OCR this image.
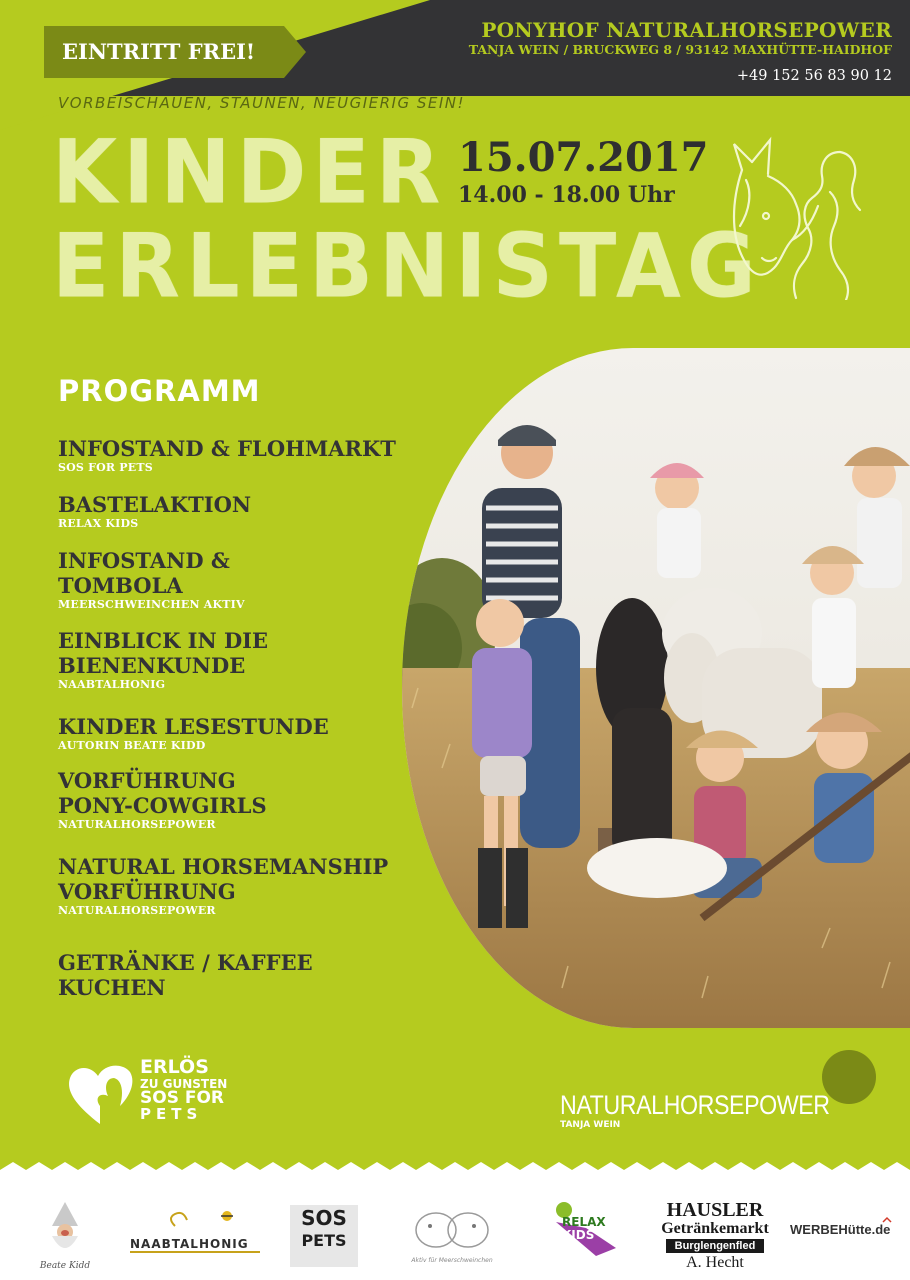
EINTRITT FREI!
PONYHOF NATURALHORSEPOWER
TANJA WEIN / BRUCKWEG 8 / 93142 MAXHÜTTE-HAIDHOF
+49 152 56 83 90 12
VORBEISCHAUEN, STAUNEN, NEUGIERIG SEIN!
KINDER
ERLEBNISTAG
15.07.2017
14.00 - 18.00 Uhr
PROGRAMM
INFOSTAND & FLOHMARKT
SOS FOR PETS
BASTELAKTION
RELAX KIDS
INFOSTAND &
TOMBOLA
MEERSCHWEINCHEN AKTIV
EINBLICK IN DIE
BIENENKUNDE
NAABTALHONIG
KINDER LESESTUNDE
AUTORIN BEATE KIDD
VORFÜHRUNG
PONY-COWGIRLS
NATURALHORSEPOWER
NATURAL HORSEMANSHIP
VORFÜHRUNG
NATURALHORSEPOWER
GETRÄNKE / KAFFEE
KUCHEN
ERLÖS
ZU GUNSTEN
SOS FOR
PETS	NATURALHORSEPOWER
TANJA WEIN
Beate Kidd
NAABTALHONIG
SOS
PETS
Aktiv für Meerschweinchen
RELAX
KIDS
HAUSLER
Getränkemarkt
Burglengenfled
A. Hecht
WERBEHütte.de
